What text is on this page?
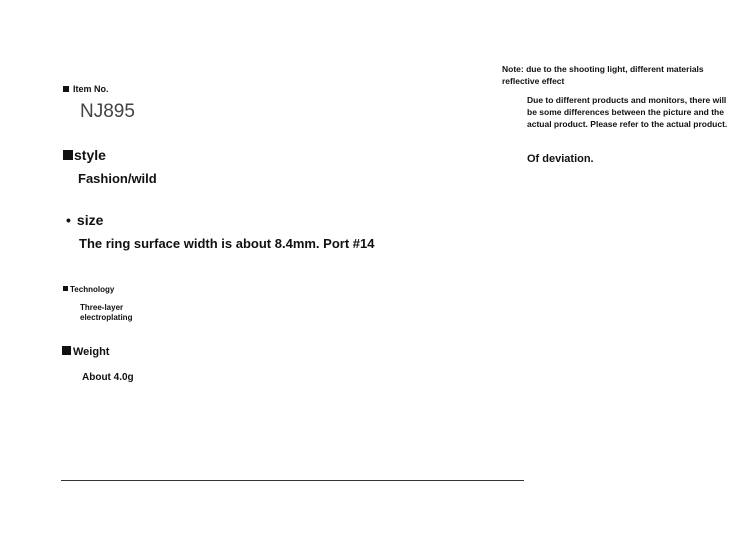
Item No.
NJ895
style
Fashion/wild
• size
The ring surface width is about 8.4mm. Port #14
Technology
Three-layer electroplating
Weight
About 4.0g
Note: due to the shooting light, different materials reflective effect
Due to different products and monitors, there will be some differences between the picture and the actual product. Please refer to the actual product.
Of deviation.
